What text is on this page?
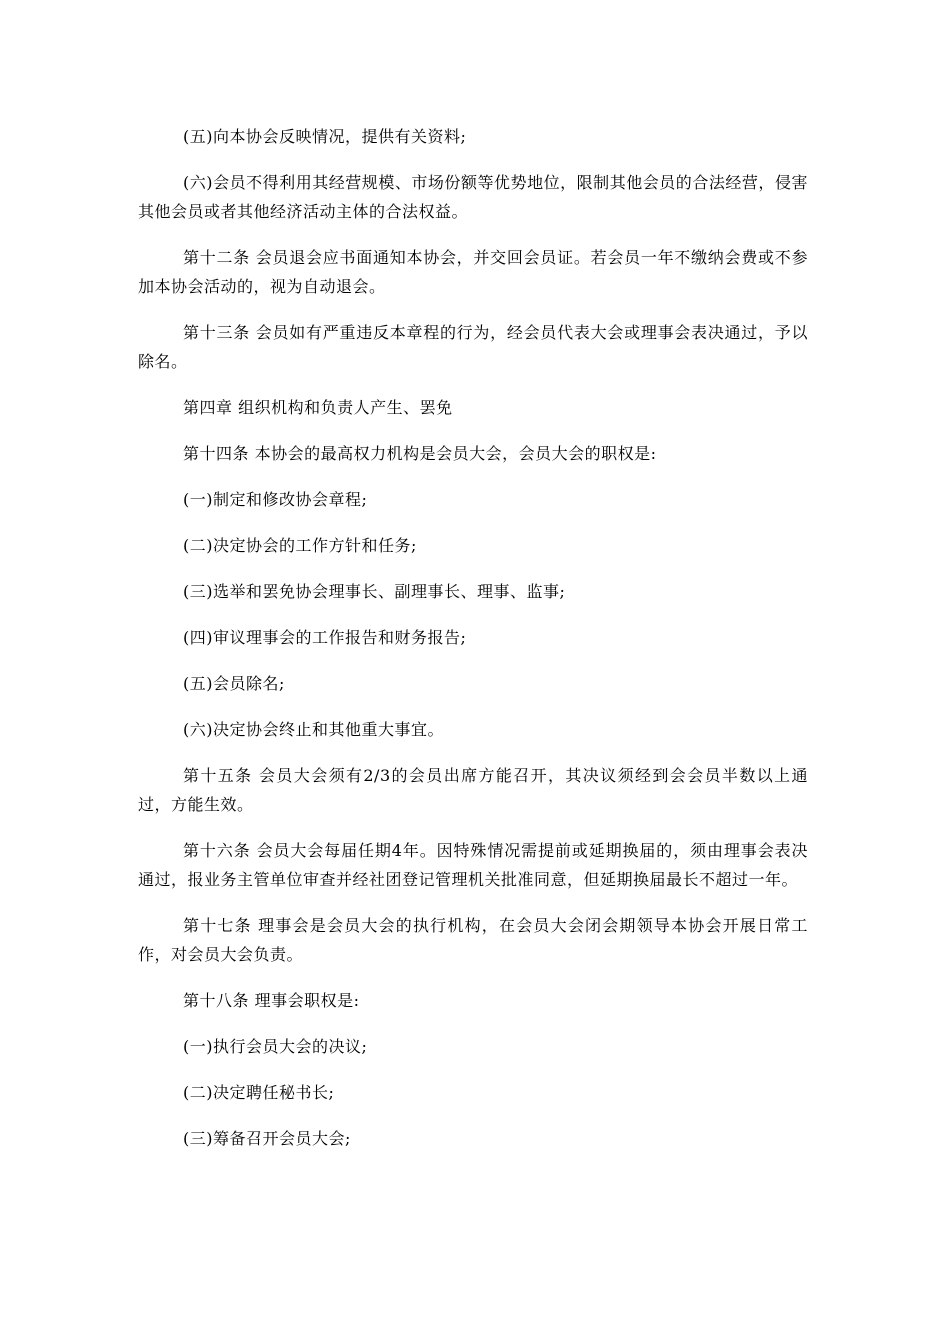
(五)向本协会反映情况，提供有关资料;

(六)会员不得利用其经营规模、市场份额等优势地位，限制其他会员的合法经营，侵害其他会员或者其他经济活动主体的合法权益。

第十二条 会员退会应书面通知本协会，并交回会员证。若会员一年不缴纳会费或不参加本协会活动的，视为自动退会。

第十三条 会员如有严重违反本章程的行为，经会员代表大会或理事会表决通过，予以除名。

第四章 组织机构和负责人产生、罢免

第十四条 本协会的最高权力机构是会员大会，会员大会的职权是:

(一)制定和修改协会章程;

(二)决定协会的工作方针和任务;

(三)选举和罢免协会理事长、副理事长、理事、监事;

(四)审议理事会的工作报告和财务报告;

(五)会员除名;

(六)决定协会终止和其他重大事宜。

第十五条 会员大会须有2/3的会员出席方能召开，其决议须经到会会员半数以上通过，方能生效。

第十六条 会员大会每届任期4年。因特殊情况需提前或延期换届的，须由理事会表决通过，报业务主管单位审查并经社团登记管理机关批准同意，但延期换届最长不超过一年。

第十七条 理事会是会员大会的执行机构，在会员大会闭会期领导本协会开展日常工作，对会员大会负责。

第十八条 理事会职权是:

(一)执行会员大会的决议;

(二)决定聘任秘书长;

(三)筹备召开会员大会;
